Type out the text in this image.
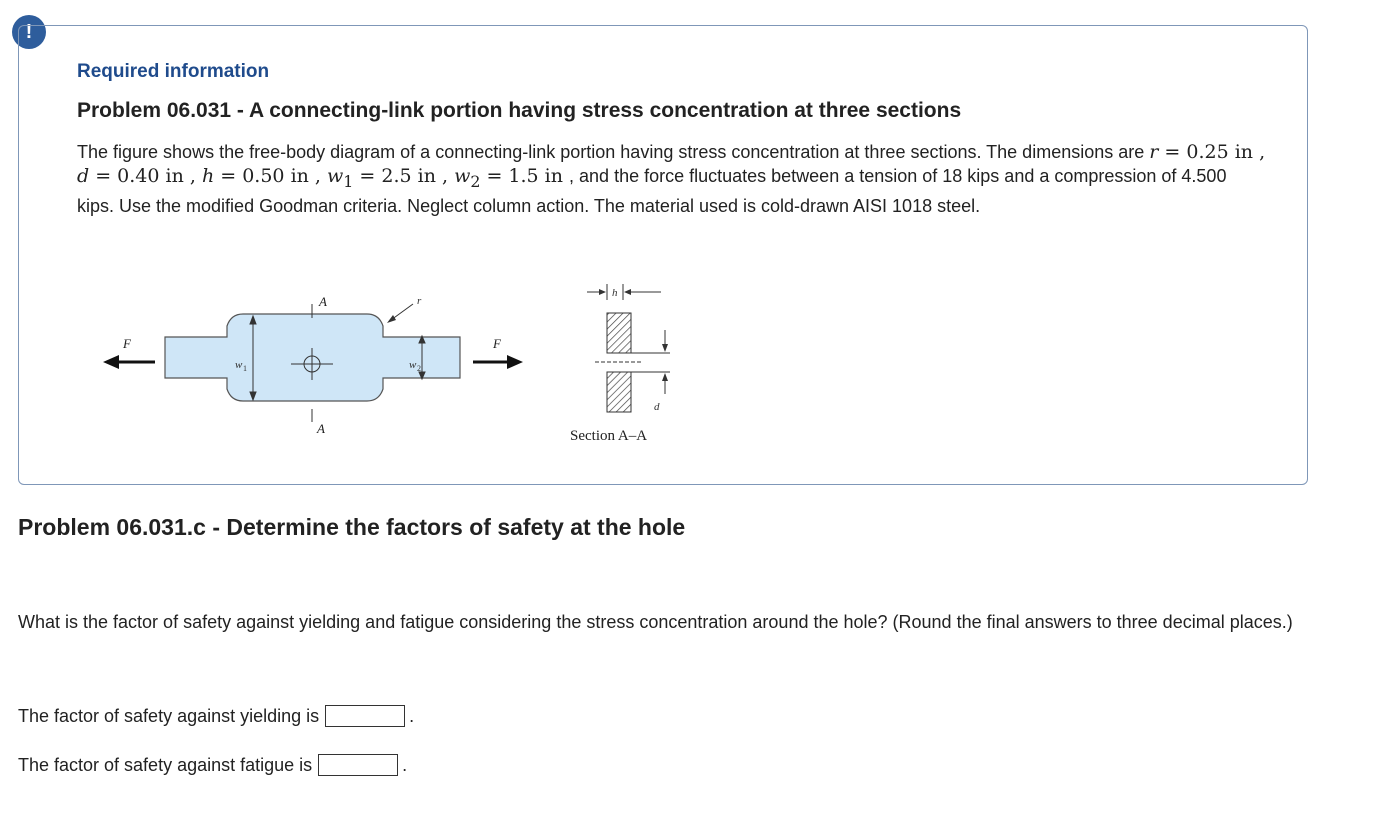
!
Required information
Problem 06.031 - A connecting-link portion having stress concentration at three sections

The figure shows the free-body diagram of a connecting-link portion having stress concentration at three sections. The dimensions are r = 0.25 in , d = 0.40 in , h = 0.50 in , $w_1 = 2.5$ in , $w_2 = 1.5$ in , and the force fluctuates between a tension of 18 kips and a compression of 4.500 kips. Use the modified Goodman criteria. Neglect column action. The material used is cold-drawn AISI 1018 steel.

F	F
w 1
A
A
r
w 2
h
d
Section A–A
Problem 06.031.c - Determine the factors of safety at the hole

What is the factor of safety against yielding and fatigue considering the stress concentration around the hole? (Round the final answers to three decimal places.)

The factor of safety against yielding is	.
The factor of safety against fatigue is	.
